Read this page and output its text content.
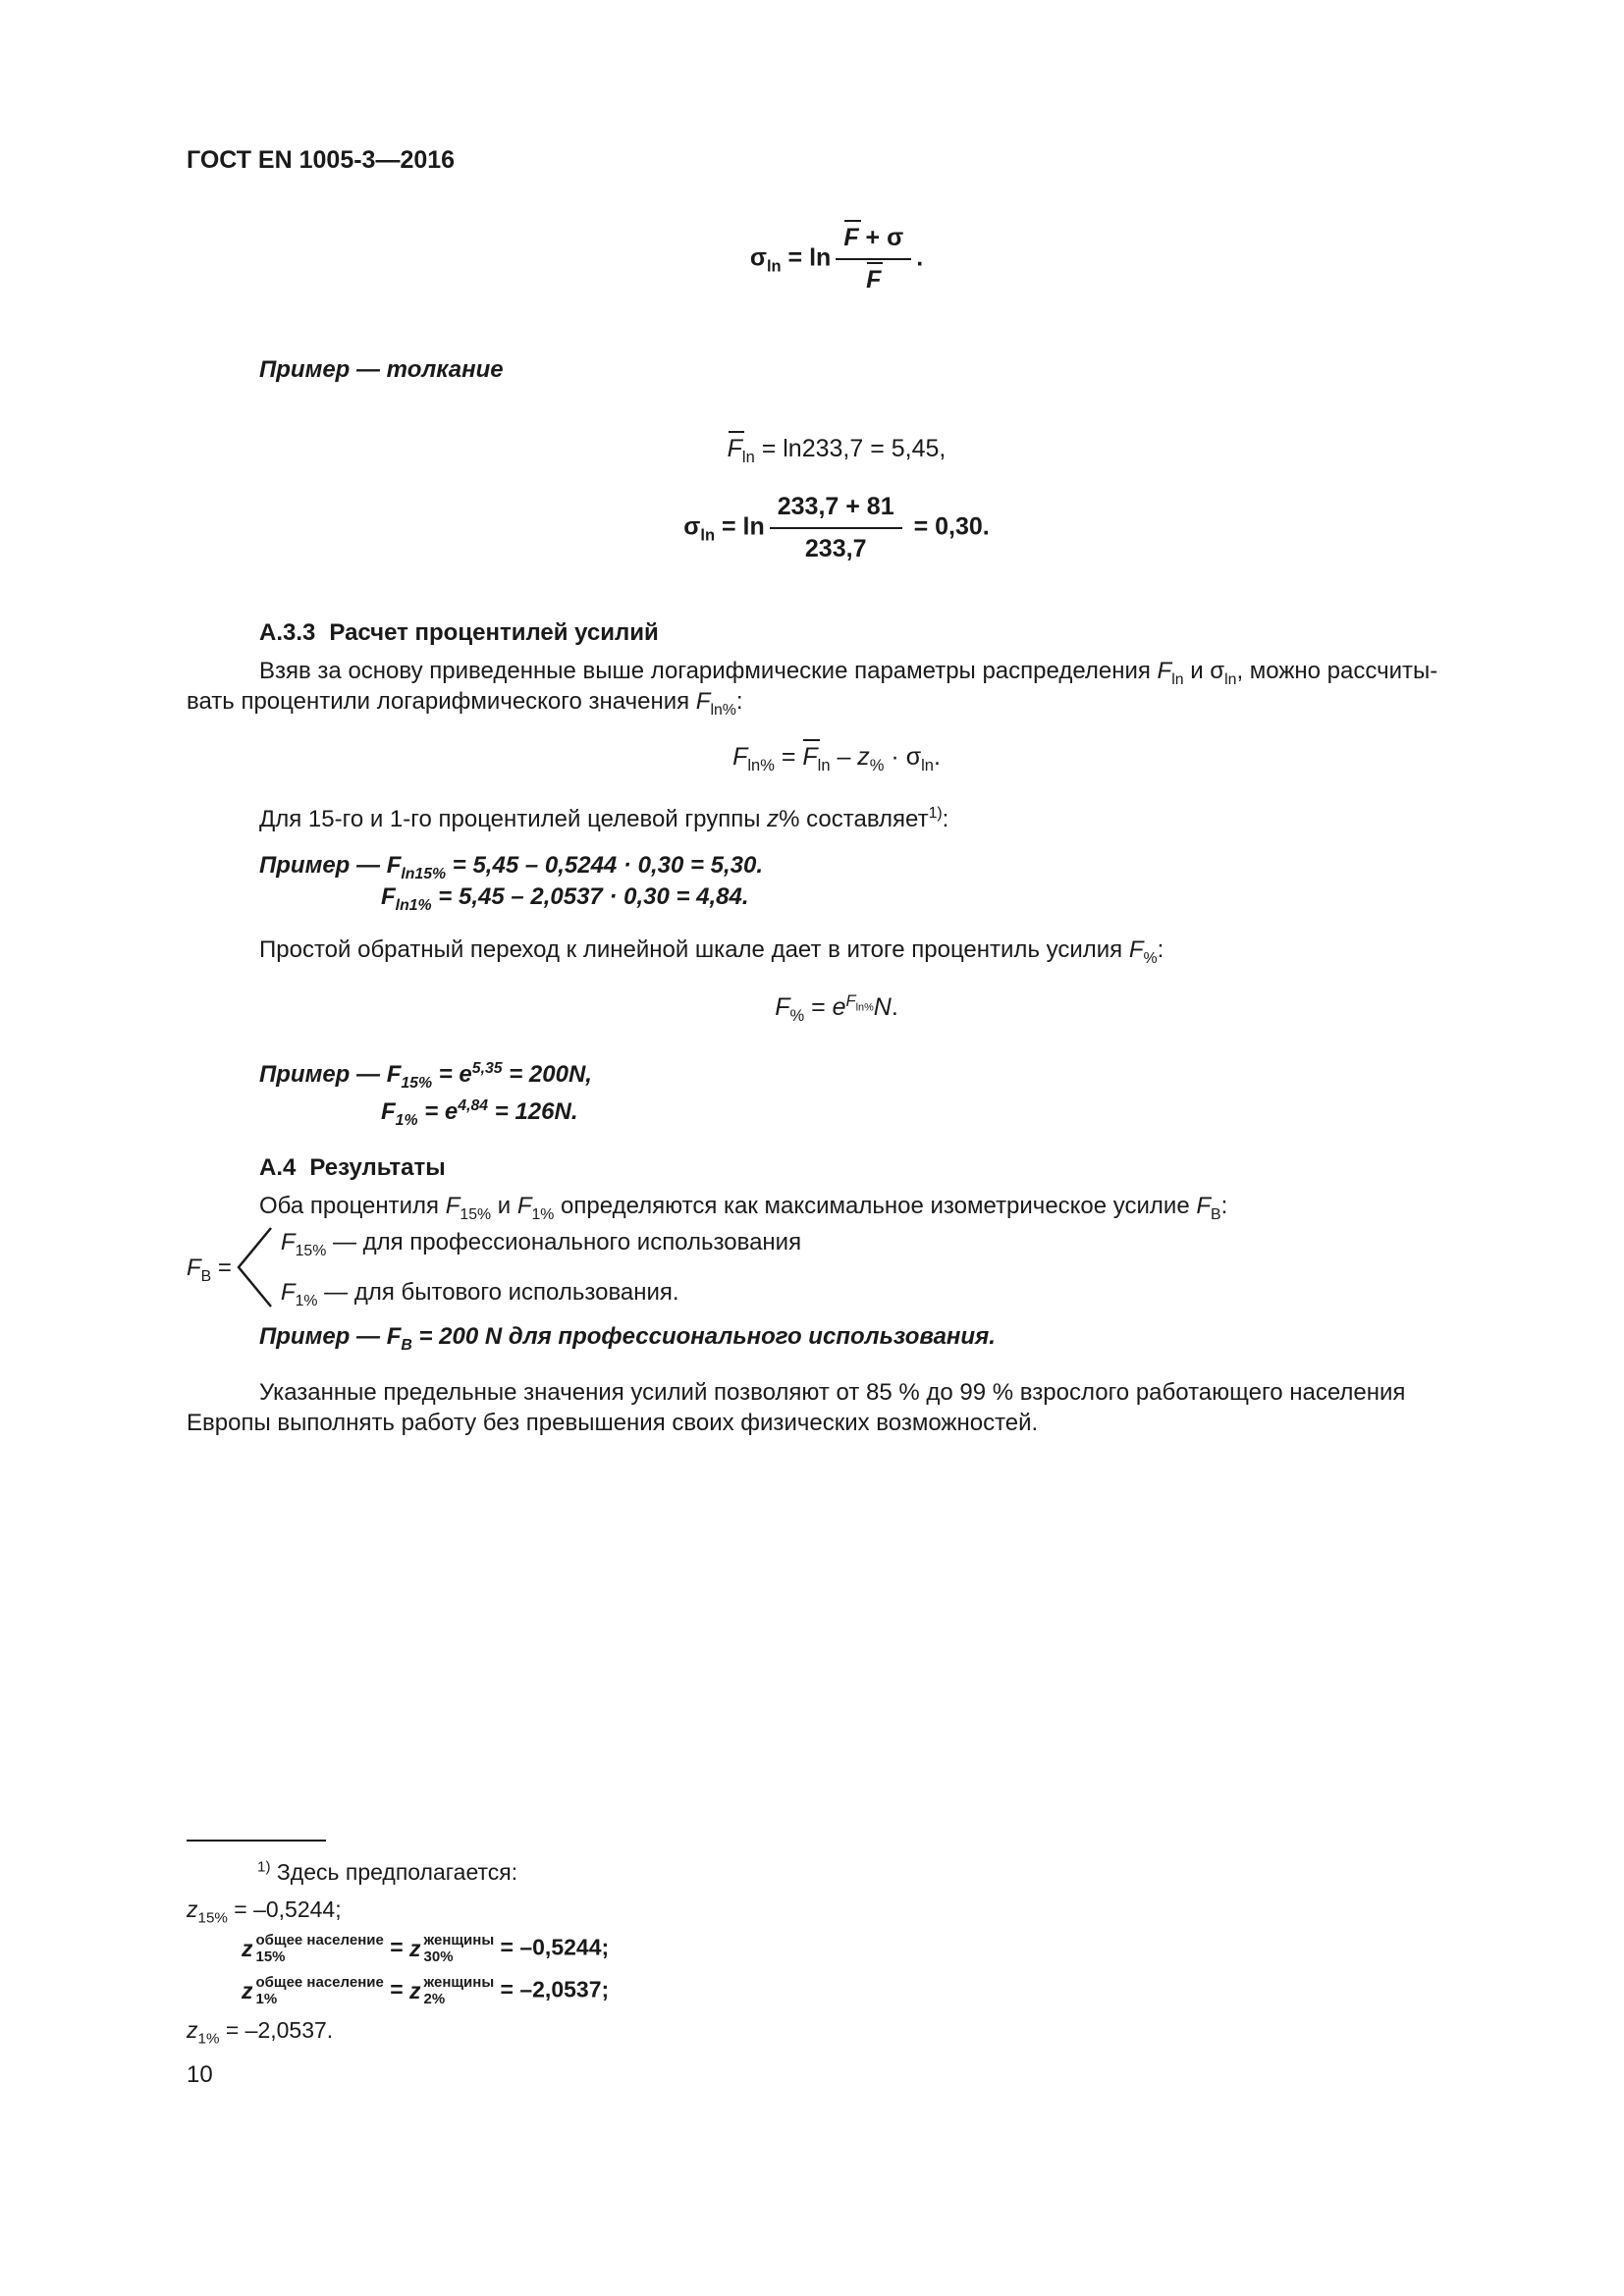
ГОСТ EN 1005-3—2016
$\sigma_{ln} = \ln \frac{F + \sigma}{F}$ .
Пример — толкание
$F_{ln} = \ln 233,7 = 5,45$,
$\sigma_{ln} = \ln \frac{233,7 + 81}{233,7} = 0,30$.
А.3.3 Расчет процентилей усилий

Взяв за основу приведенные выше логарифмические параметры распределения $F_{ln}$ и $\sigma_{ln}$, можно рассчиты-
вать процентили логарифмического значения $F_{ln\%}$:

$F_{ln\%} = F_{ln} - z_{\%} \cdot \sigma_{ln}$.

Для 15-го и 1-го процентилей целевой группы z% составляет$^{1)}$:

Пример — $F_{ln15\%} = 5,45 - 0,5244 \cdot 0,30 = 5,30$.
$F_{ln1\%} = 5,45 - 2,0537 \cdot 0,30 = 4,84$.

Простой обратный переход к линейной шкале дает в итоге процентиль усилия $F_{\%}$:

$F_{\%} = e^{F_{ln\%}}N$.
Пример — $F_{15\%} = e^{5,35} = 200N$,
$F_{1\%} = e^{4,84} = 126N$.
А.4 Результаты

Оба процентиля $F_{15\%}$ и $F_{1\%}$ определяются как максимальное изометрическое усилие $F_В$:

$F_В$ =
$F_{15\%}$ — для профессионального использования
$F_{1\%}$ — для бытового использования.
Пример — $F_В = 200$ N для профессионального использования.

Указанные предельные значения усилий позволяют от 85 % до 99 % взрослого работающего населения
Европы выполнять работу без превышения своих физических возможностей.

$^{1)}$ Здесь предполагается:
$z_{15\%} = -0,5244$;
z общее население
15%	= z женщины
30%	= –0,5244;
z общее население
1%	= z женщины
2%	= –2,0537;
$z_{1\%} = -2,0537$.
10
